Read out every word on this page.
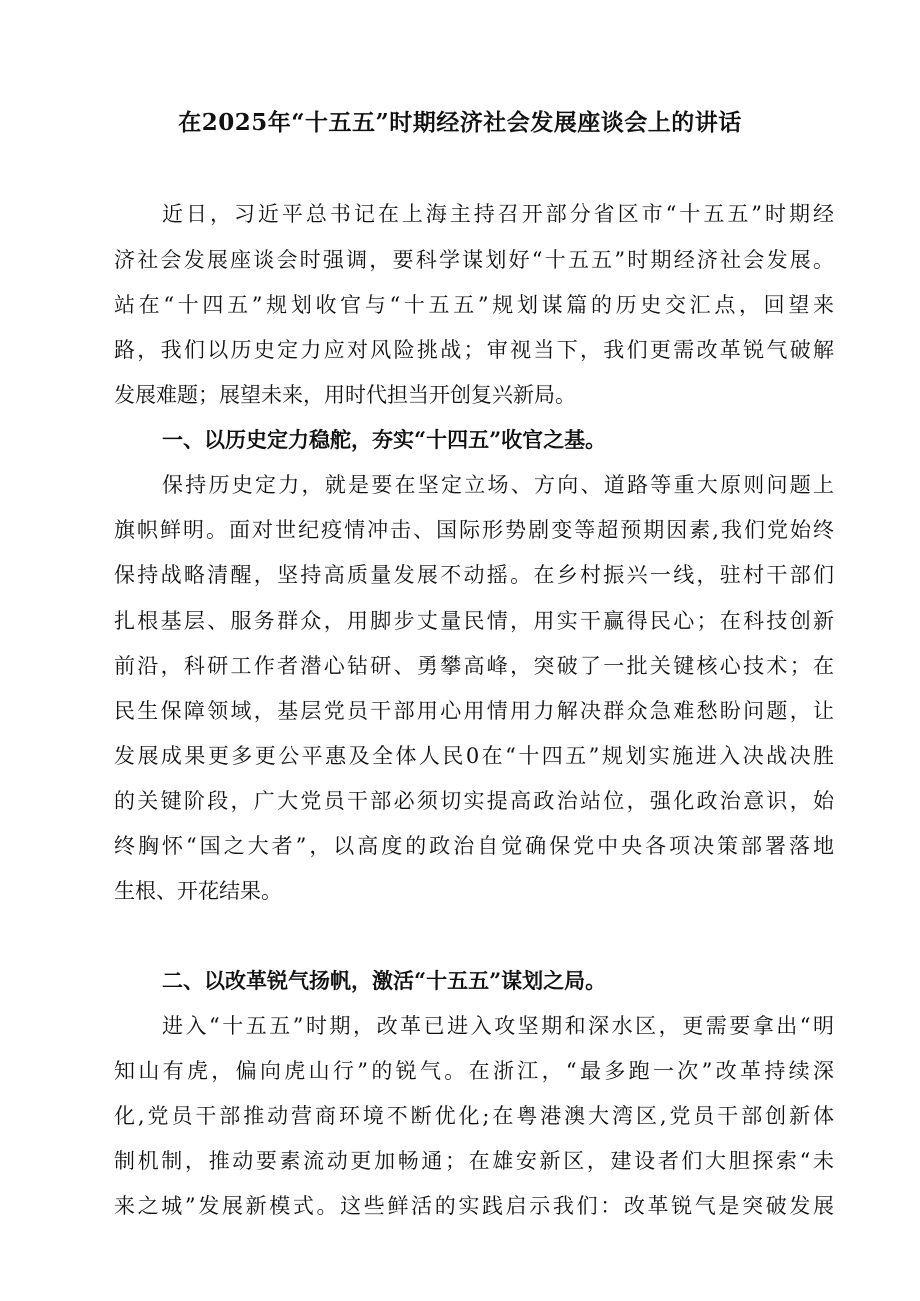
在2025年“十五五”时期经济社会发展座谈会上的讲话
近日，习近平总书记在上海主持召开部分省区市“十五五”时期经
济社会发展座谈会时强调，要科学谋划好“十五五”时期经济社会发展。
站在“十四五”规划收官与“十五五”规划谋篇的历史交汇点，回望来
路，我们以历史定力应对风险挑战；审视当下，我们更需改革锐气破解
发展难题；展望未来，用时代担当开创复兴新局。
一、以历史定力稳舵，夯实“十四五”收官之基。
保持历史定力，就是要在坚定立场、方向、道路等重大原则问题上
旗帜鲜明。面对世纪疫情冲击、国际形势剧变等超预期因素,我们党始终
保持战略清醒，坚持高质量发展不动摇。在乡村振兴一线，驻村干部们
扎根基层、服务群众，用脚步丈量民情，用实干赢得民心；在科技创新
前沿，科研工作者潜心钻研、勇攀高峰，突破了一批关键核心技术；在
民生保障领域，基层党员干部用心用情用力解决群众急难愁盼问题，让
发展成果更多更公平惠及全体人民0在“十四五”规划实施进入决战决胜
的关键阶段，广大党员干部必须切实提高政治站位，强化政治意识，始
终胸怀“国之大者”，以高度的政治自觉确保党中央各项决策部署落地
生根、开花结果。
二、以改革锐气扬帆，激活“十五五”谋划之局。
进入“十五五”时期，改革已进入攻坚期和深水区，更需要拿出“明
知山有虎，偏向虎山行”的锐气。在浙江，“最多跑一次”改革持续深
化,党员干部推动营商环境不断优化;在粤港澳大湾区,党员干部创新体
制机制，推动要素流动更加畅通；在雄安新区，建设者们大胆探索“未
来之城”发展新模式。这些鲜活的实践启示我们：改革锐气是突破发展
